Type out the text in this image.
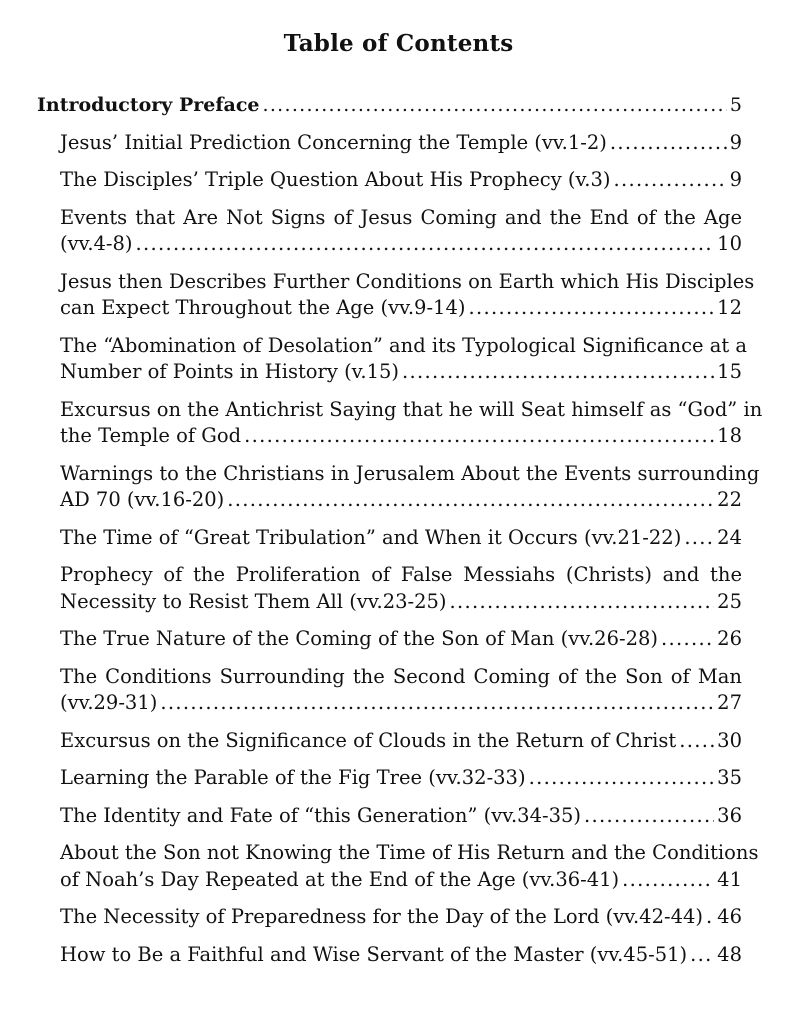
Table of Contents
Introductory Preface .....	5
Jesus’ Initial Prediction Concerning the Temple (vv.1-2) .....	9
The Disciples’ Triple Question About His Prophecy (v.3) .....	9
Events that Are Not Signs of Jesus Coming and the End of the Age
(vv.4-8) .....	10
Jesus then Describes Further Conditions on Earth which His Disciples
can Expect Throughout the Age (vv.9-14) .....	12
The “Abomination of Desolation” and its Typological Significance at a
Number of Points in History (v.15) .....	15
Excursus on the Antichrist Saying that he will Seat himself as “God” in
the Temple of God .....	18
Warnings to the Christians in Jerusalem About the Events surrounding
AD 70 (vv.16-20) .....	22
The Time of “Great Tribulation” and When it Occurs (vv.21-22) ..... 24
Prophecy of the Proliferation of False Messiahs (Christs) and the
Necessity to Resist Them All (vv.23-25) .....	25
The True Nature of the Coming of the Son of Man (vv.26-28) .....	26
The Conditions Surrounding the Second Coming of the Son of Man
(vv.29-31) .....	27
Excursus on the Significance of Clouds in the Return of Christ ..... 30
Learning the Parable of the Fig Tree (vv.32-33) .....	35
The Identity and Fate of “this Generation” (vv.34-35) .....	36
About the Son not Knowing the Time of His Return and the Conditions
of Noah’s Day Repeated at the End of the Age (vv.36-41) .....	41
The Necessity of Preparedness for the Day of the Lord (vv.42-44) ..... 46
How to Be a Faithful and Wise Servant of the Master (vv.45-51) ..... 48
